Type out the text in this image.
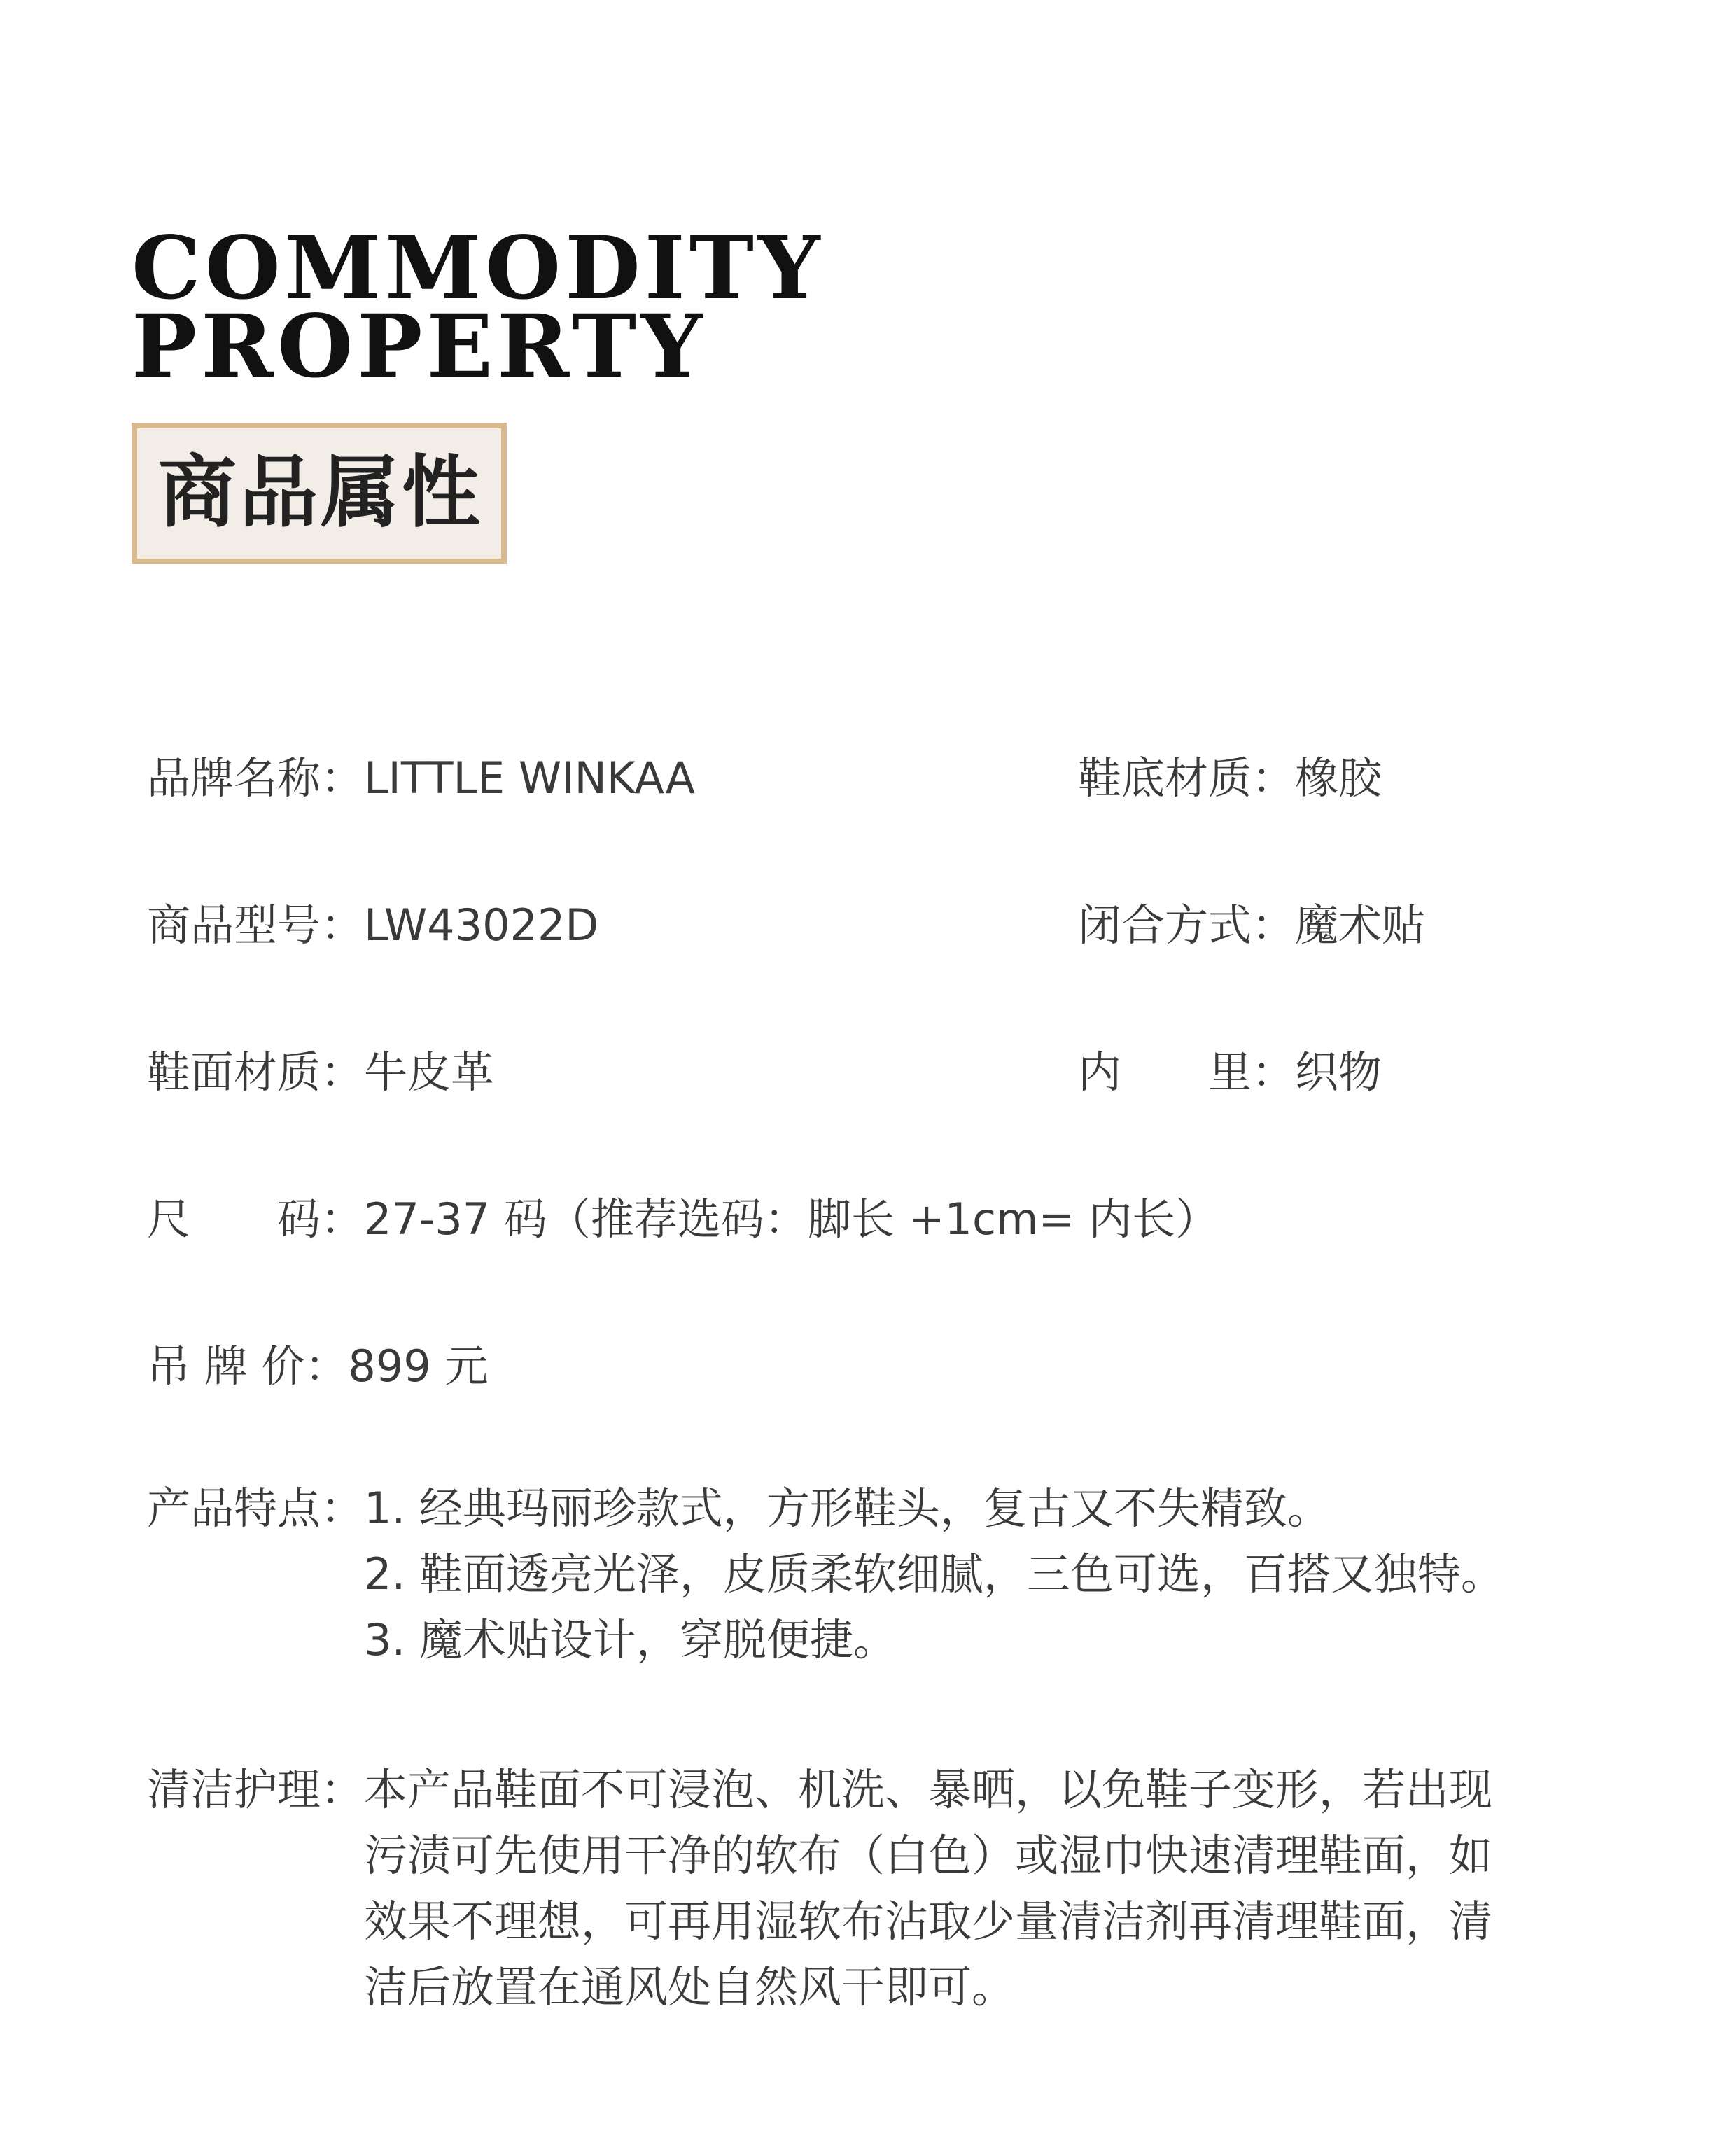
COMMODITY
PROPERTY
商品属性
品牌名称：LITTLE WINKAA	鞋底材质：橡胶
商品型号：LW43022D	闭合方式：魔术贴
鞋面材质：牛皮革	内　　里：织物
尺　　码：27-37 码（推荐选码：脚长 +1cm= 内长）
吊 牌 价：899 元
产品特点： 1. 经典玛丽珍款式，方形鞋头，复古又不失精致。
2. 鞋面透亮光泽，皮质柔软细腻，三色可选，百搭又独特。
3. 魔术贴设计，穿脱便捷。
清洁护理： 本产品鞋面不可浸泡、机洗、暴晒，以免鞋子变形，若出现
污渍可先使用干净的软布（白色）或湿巾快速清理鞋面，如
效果不理想，可再用湿软布沾取少量清洁剂再清理鞋面，清
洁后放置在通风处自然风干即可。
